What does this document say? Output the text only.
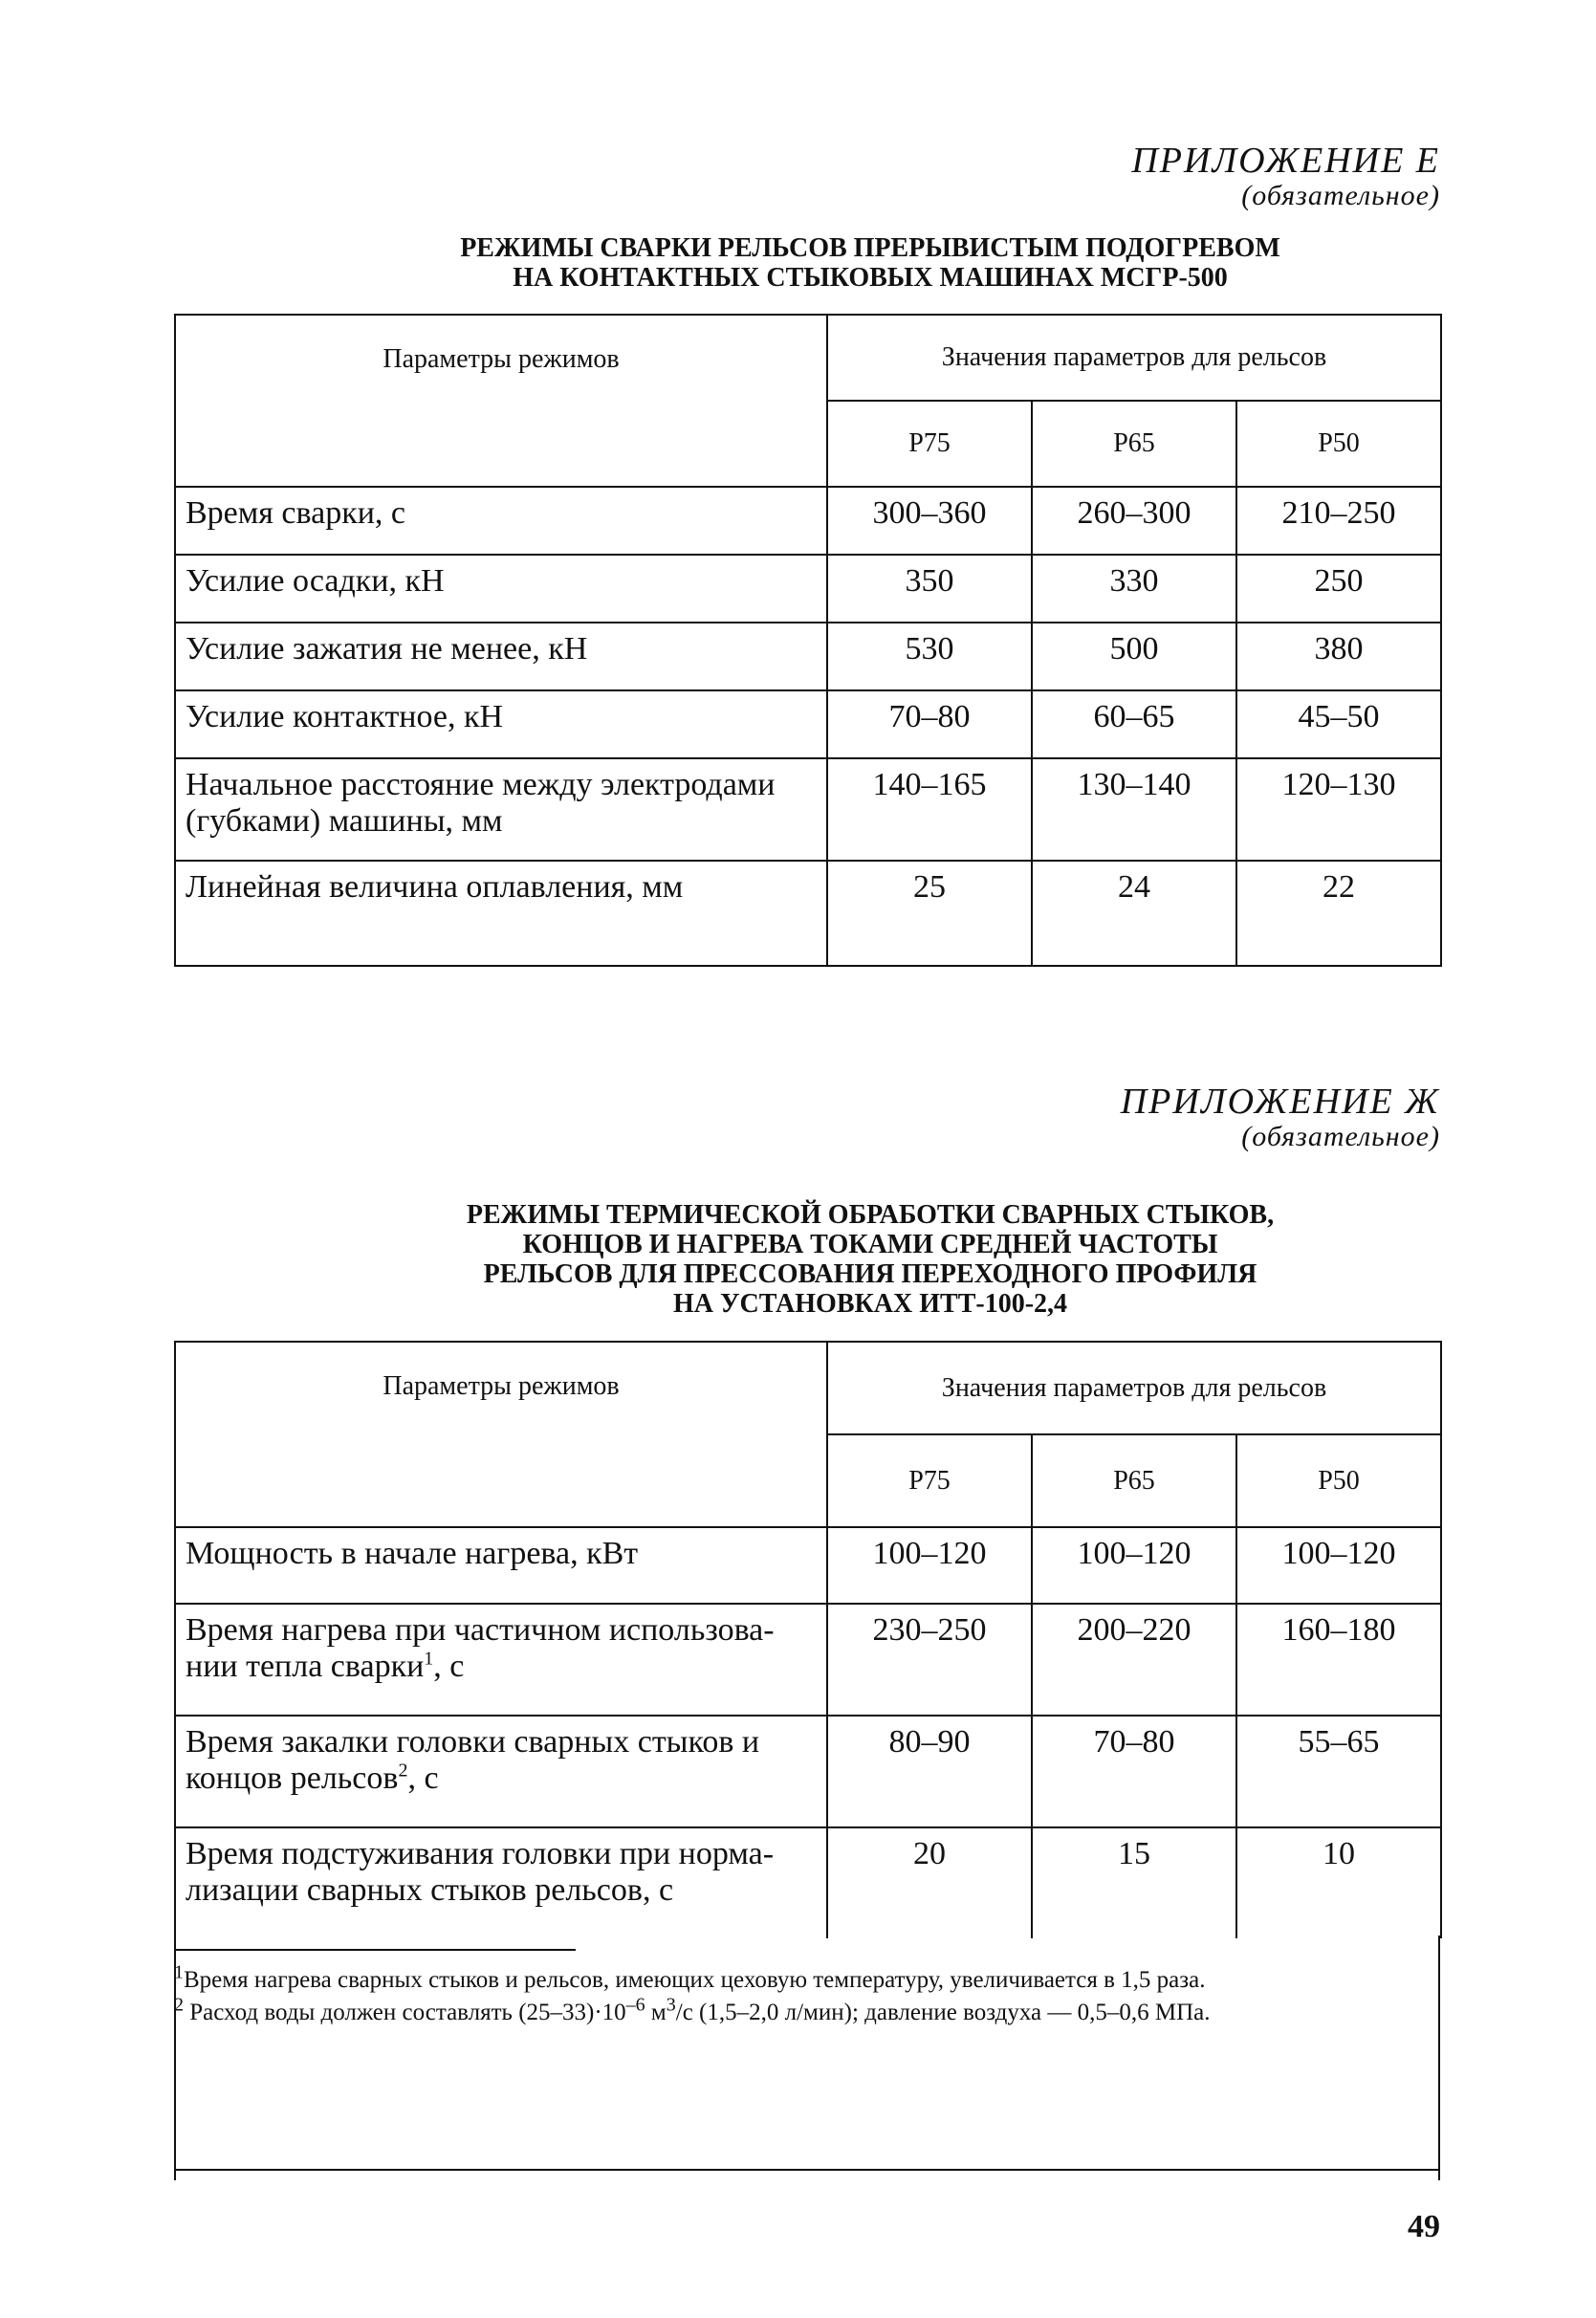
ПРИЛОЖЕНИЕ Е
(обязательное)
РЕЖИМЫ СВАРКИ РЕЛЬСОВ ПРЕРЫВИСТЫМ ПОДОГРЕВОМ
НА КОНТАКТНЫХ СТЫКОВЫХ МАШИНАХ МСГР-500
Параметры режимов	Значения параметров для рельсов		
	Р75	Р65	Р50
Время сварки, с	300–360	260–300	210–250
Усилие осадки, кН	350	330	250
Усилие зажатия не менее, кН	530	500	380
Усилие контактное, кН	70–80	60–65	45–50
Начальное расстояние между электродами (губками) машины, мм	140–165	130–140	120–130
Линейная величина оплавления, мм	25	24	22
ПРИЛОЖЕНИЕ Ж
(обязательное)
РЕЖИМЫ ТЕРМИЧЕСКОЙ ОБРАБОТКИ СВАРНЫХ СТЫКОВ,
КОНЦОВ И НАГРЕВА ТОКАМИ СРЕДНЕЙ ЧАСТОТЫ
РЕЛЬСОВ ДЛЯ ПРЕССОВАНИЯ ПЕРЕХОДНОГО ПРОФИЛЯ
НА УСТАНОВКАХ ИТТ-100-2,4
Параметры режимов	Значения параметров для рельсов		
	Р75	Р65	Р50
Мощность в начале нагрева, кВт	100–120	100–120	100–120
Время нагрева при частичном использова-
нии тепла сварки$^1$, с	230–250	200–220	160–180
Время закалки головки сварных стыков и
концов рельсов$^2$, с	80–90	70–80	55–65
Время подстуживания головки при норма-лизации сварных стыков рельсов, с	20	15	10
$^1$Время нагрева сварных стыков и рельсов, имеющих цеховую температуру, увеличивается в 1,5 раза.
$^2$ Расход воды должен составлять $(25-33)\cdot 10^{-6}$ $м^3/с$ (1,5–2,0 л/мин); давление воздуха — 0,5–0,6 МПа.
49
